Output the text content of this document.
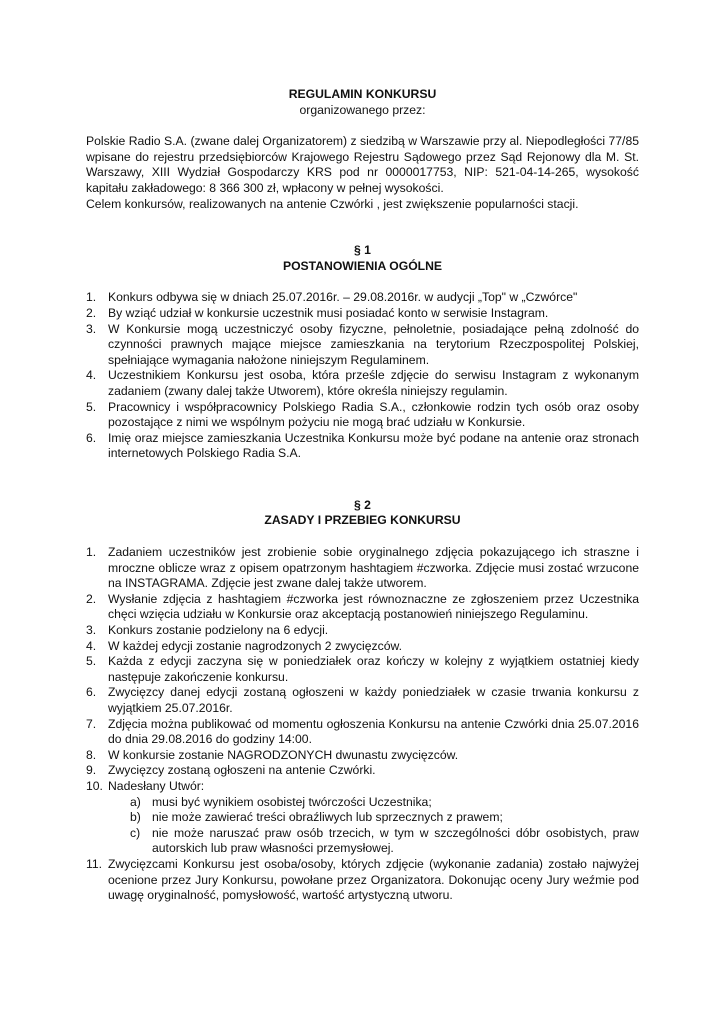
REGULAMIN KONKURSU
organizowanego przez:
Polskie Radio S.A. (zwane dalej Organizatorem) z siedzibą w Warszawie przy al. Niepodległości 77/85 wpisane do rejestru przedsiębiorców Krajowego Rejestru Sądowego przez Sąd Rejonowy dla M. St. Warszawy, XIII Wydział Gospodarczy KRS pod nr 0000017753, NIP: 521-04-14-265, wysokość kapitału zakładowego: 8 366 300 zł, wpłacony w pełnej wysokości.
Celem konkursów, realizowanych na antenie Czwórki , jest zwiększenie popularności stacji.
§ 1
POSTANOWIENIA OGÓLNE
1. Konkurs odbywa się w dniach 25.07.2016r. – 29.08.2016r. w audycji „Top" w „Czwórce"
2. By wziąć udział w konkursie uczestnik musi posiadać konto w serwisie Instagram.
3. W Konkursie mogą uczestniczyć osoby fizyczne, pełnoletnie, posiadające pełną zdolność do czynności prawnych mające miejsce zamieszkania na terytorium Rzeczpospolitej Polskiej, spełniające wymagania nałożone niniejszym Regulaminem.
4. Uczestnikiem Konkursu jest osoba, która prześle zdjęcie do serwisu Instagram z wykonanym zadaniem (zwany dalej także Utworem), które określa niniejszy regulamin.
5. Pracownicy i współpracownicy Polskiego Radia S.A., członkowie rodzin tych osób oraz osoby pozostające z nimi we wspólnym pożyciu nie mogą brać udziału w Konkursie.
6. Imię oraz miejsce zamieszkania Uczestnika Konkursu może być podane na antenie oraz stronach internetowych Polskiego Radia S.A.
§ 2
ZASADY I PRZEBIEG KONKURSU
1. Zadaniem uczestników jest zrobienie sobie oryginalnego zdjęcia pokazującego ich straszne i mroczne oblicze wraz z opisem opatrzonym hashtagiem #czworka. Zdjęcie musi zostać wrzucone na INSTAGRAMA. Zdjęcie jest zwane dalej także utworem.
2. Wysłanie zdjęcia z hashtagiem #czworka jest równoznaczne ze zgłoszeniem przez Uczestnika chęci wzięcia udziału w Konkursie oraz akceptacją postanowień niniejszego Regulaminu.
3. Konkurs zostanie podzielony na 6 edycji.
4. W każdej edycji zostanie nagrodzonych 2 zwycięzców.
5. Każda z edycji zaczyna się w poniedziałek oraz kończy w kolejny z wyjątkiem ostatniej kiedy następuje zakończenie konkursu.
6. Zwycięzcy danej edycji zostaną ogłoszeni w każdy poniedziałek w czasie trwania konkursu z wyjątkiem 25.07.2016r.
7. Zdjęcia można publikować od momentu ogłoszenia Konkursu na antenie Czwórki dnia 25.07.2016 do dnia 29.08.2016 do godziny 14:00.
8. W konkursie zostanie NAGRODZONYCH dwunastu zwycięzców.
9. Zwycięzcy zostaną ogłoszeni na antenie Czwórki.
10. Nadesłany Utwór:
a) musi być wynikiem osobistej twórczości Uczestnika;
b) nie może zawierać treści obraźliwych lub sprzecznych z prawem;
c) nie może naruszać praw osób trzecich, w tym w szczególności dóbr osobistych, praw autorskich lub praw własności przemysłowej.
11. Zwycięzcami Konkursu jest osoba/osoby, których zdjęcie (wykonanie zadania) zostało najwyżej ocenione przez Jury Konkursu, powołane przez Organizatora. Dokonując oceny Jury weźmie pod uwagę oryginalność, pomysłowość, wartość artystyczną utworu.
